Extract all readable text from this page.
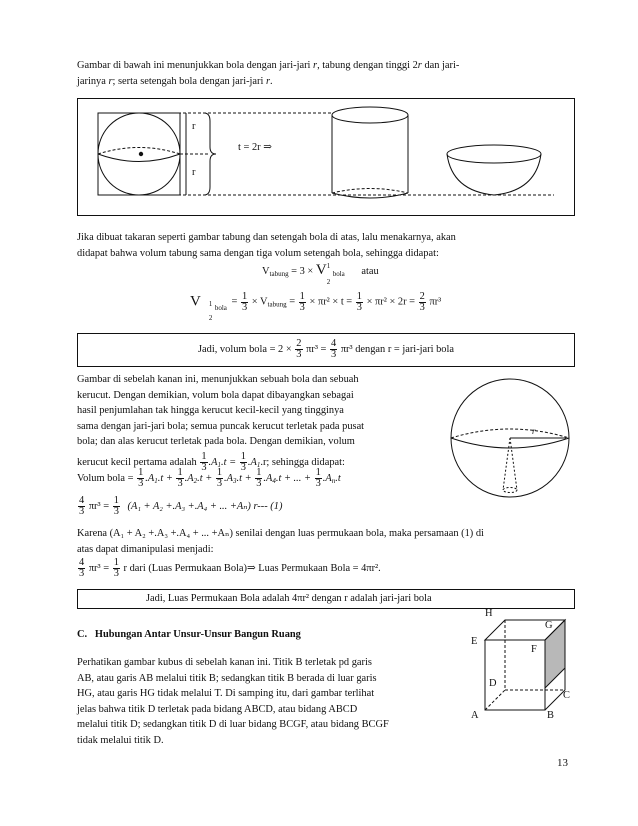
Gambar di bawah ini menunjukkan bola dengan jari-jari r, tabung dengan tinggi 2r dan jari-
jarinya r; serta setengah bola dengan jari-jari r.
r
r
t = 2r ⇒
Jika dibuat takaran seperti gambar tabung dan setengah bola di atas, lalu menakarnya, akan
didapat bahwa volum tabung sama dengan tiga volum setengah bola, sehingga didapat:
$V_{tabung} = 3 \times V$ 1
bola
2
atau
V 1 bola
2
= $\frac{1}{3} \times V_{tabung} = \frac{1}{3} \times \pi r^2 \times t = \frac{1}{3} \times \pi r^2 \times 2r = \frac{2}{3} \pi r^3$
Jadi, volum bola = $2 \times \frac{2}{3} \pi r^3 = \frac{4}{3} \pi r^3$ dengan r = jari-jari bola
Gambar di sebelah kanan ini, menunjukkan sebuah bola dan sebuah
kerucut. Dengan demikian, volum bola dapat dibayangkan sebagai
hasil penjumlahan tak hingga kerucut kecil-kecil yang tingginya
sama dengan jari-jari bola; semua puncak kerucut terletak pada pusat
bola; dan alas kerucut terletak pada bola. Dengan demikian, volum
kerucut kecil pertama adalah $\frac{1}{3} .A_1.t = \frac{1}{3} .A_1.r$; sehingga didapat:
r
Volum bola = $\frac{1}{3} .A_1.t + \frac{1}{3} .A_2.t + \frac{1}{3} .A_3.t + \frac{1}{3} .A_4.t$ + ... + $\frac{1}{3} .A_n.t$
$\frac{4}{3} \pi r^3 = \frac{1}{3} (A_1 + A_2 +.A_3 +.A_4$ + ... +Aₙ) r--- (1)
Karena (A₁ + A₂ +.A₃ +.A₄ + ... +Aₙ) senilai dengan luas permukaan bola, maka persamaan (1) di
atas dapat dimanipulasi menjadi:
$\frac{4}{3} \pi r^3 = \frac{1}{3}$ r dari (Luas Permukaan Bola)⇒ Luas Permukaan Bola = 4πr².
Jadi, Luas Permukaan Bola adalah 4πr² dengan r adalah jari-jari bola
C.   Hubungan Antar Unsur-Unsur Bangun Ruang
Perhatikan gambar kubus di sebelah kanan ini. Titik B terletak pd garis
AB, atau garis AB melalui titik B; sedangkan titik B berada di luar garis
HG, atau garis HG tidak melalui T. Di samping itu, dari gambar terlihat
jelas bahwa titik D terletak pada bidang ABCD, atau bidang ABCD
melalui titik D; sedangkan titik D di luar bidang BCGF, atau bidang BCGF
tidak melalui titik D.
H
G
E
F
D
C
A	B
13
